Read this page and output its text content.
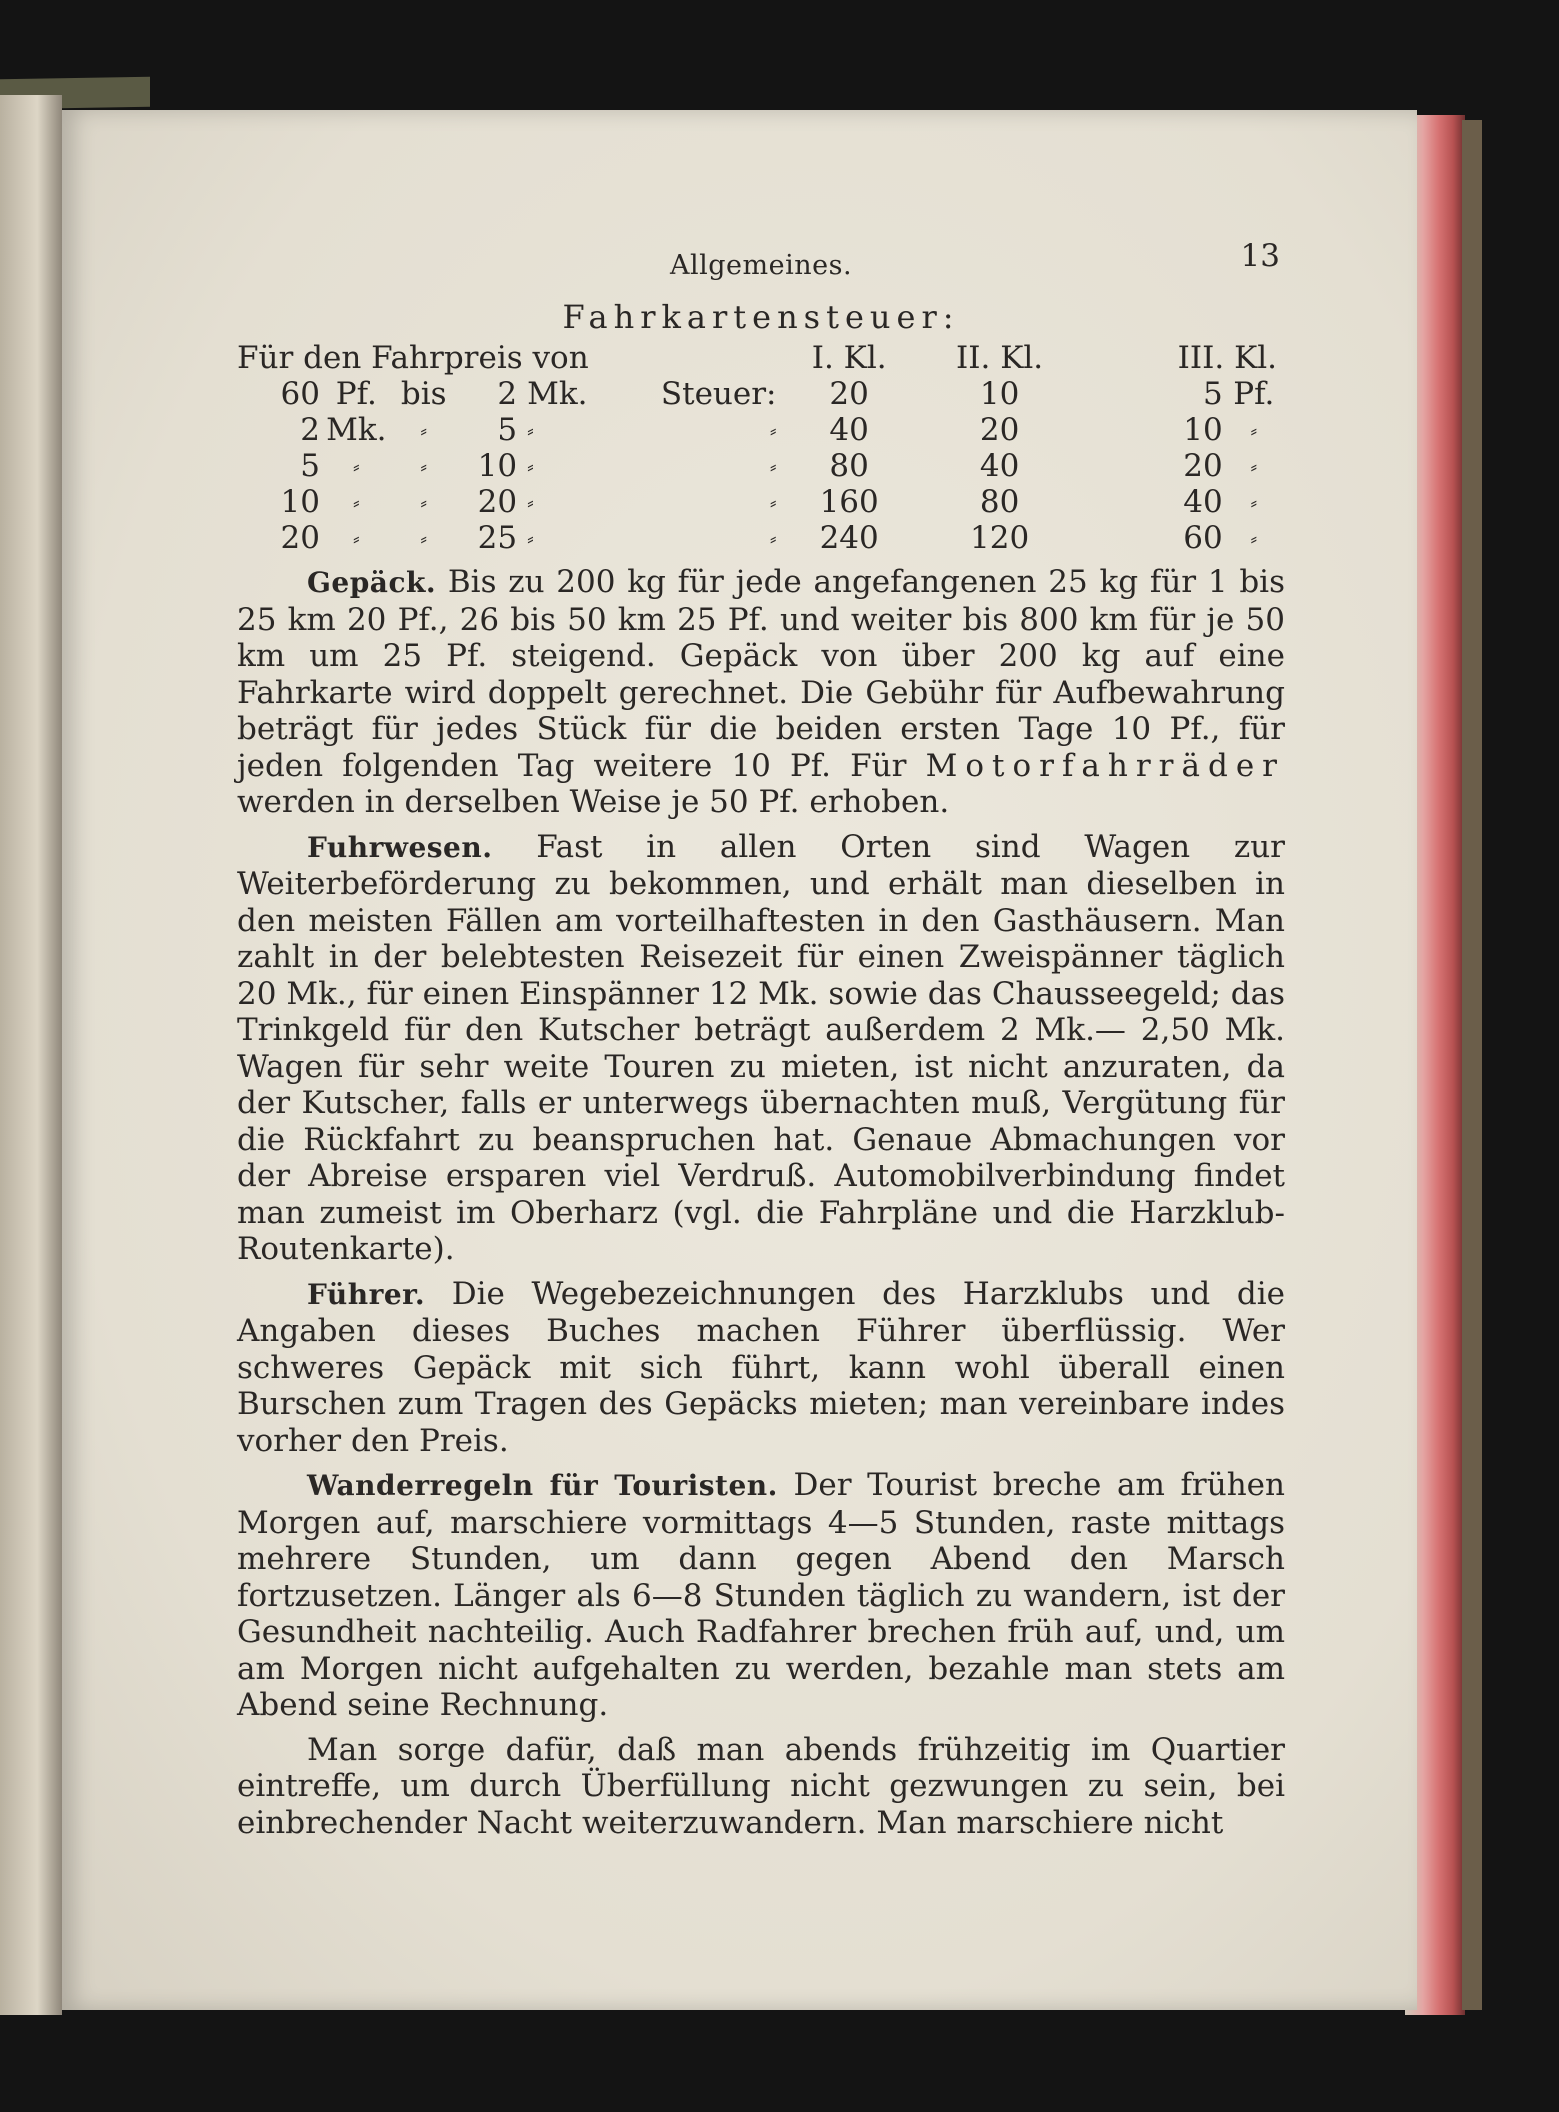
Allgemeines.	13
Fahrkartensteuer:
Für den Fahrpreis von						I. Kl.	II. Kl.	III. Kl.	
60	Pf.	bis	2	Mk.	Steuer:	20	10	5	Pf.
2	Mk.	⸗	5	⸗	⸗	40	20	10	⸗
5	⸗	⸗	10	⸗	⸗	80	40	20	⸗
10	⸗	⸗	20	⸗	⸗	160	80	40	⸗
20	⸗	⸗	25	⸗	⸗	240	120	60	⸗

Gepäck. Bis zu 200 kg für jede angefangenen 25 kg für 1 bis 25 km 20 Pf., 26 bis 50 km 25 Pf. und weiter bis 800 km für je 50 km um 25 Pf. steigend. Gepäck von über 200 kg auf eine Fahrkarte wird doppelt gerechnet. Die Gebühr für Aufbewahrung beträgt für jedes Stück für die beiden ersten Tage 10 Pf., für jeden folgenden Tag weitere 10 Pf. Für Motorfahrräder werden in derselben Weise je 50 Pf. erhoben.

Fuhrwesen. Fast in allen Orten sind Wagen zur Weiterbeförderung zu bekommen, und erhält man dieselben in den meisten Fällen am vorteilhaftesten in den Gasthäusern. Man zahlt in der belebtesten Reisezeit für einen Zweispänner täglich 20 Mk., für einen Einspänner 12 Mk. sowie das Chausseegeld; das Trinkgeld für den Kutscher beträgt außerdem 2 Mk.— 2,50 Mk. Wagen für sehr weite Touren zu mieten, ist nicht anzuraten, da der Kutscher, falls er unterwegs übernachten muß, Vergütung für die Rückfahrt zu beanspruchen hat. Genaue Abmachungen vor der Abreise ersparen viel Verdruß. Automobilverbindung findet man zumeist im Oberharz (vgl. die Fahrpläne und die Harzklub-Routenkarte).

Führer. Die Wegebezeichnungen des Harzklubs und die Angaben dieses Buches machen Führer überflüssig. Wer schweres Gepäck mit sich führt, kann wohl überall einen Burschen zum Tragen des Gepäcks mieten; man vereinbare indes vorher den Preis.

Wanderregeln für Touristen. Der Tourist breche am frühen Morgen auf, marschiere vormittags 4—5 Stunden, raste mittags mehrere Stunden, um dann gegen Abend den Marsch fortzusetzen. Länger als 6—8 Stunden täglich zu wandern, ist der Gesundheit nachteilig. Auch Radfahrer brechen früh auf, und, um am Morgen nicht aufgehalten zu werden, bezahle man stets am Abend seine Rechnung.

Man sorge dafür, daß man abends frühzeitig im Quartier eintreffe, um durch Überfüllung nicht gezwungen zu sein, bei einbrechender Nacht weiterzuwandern. Man marschiere nicht
